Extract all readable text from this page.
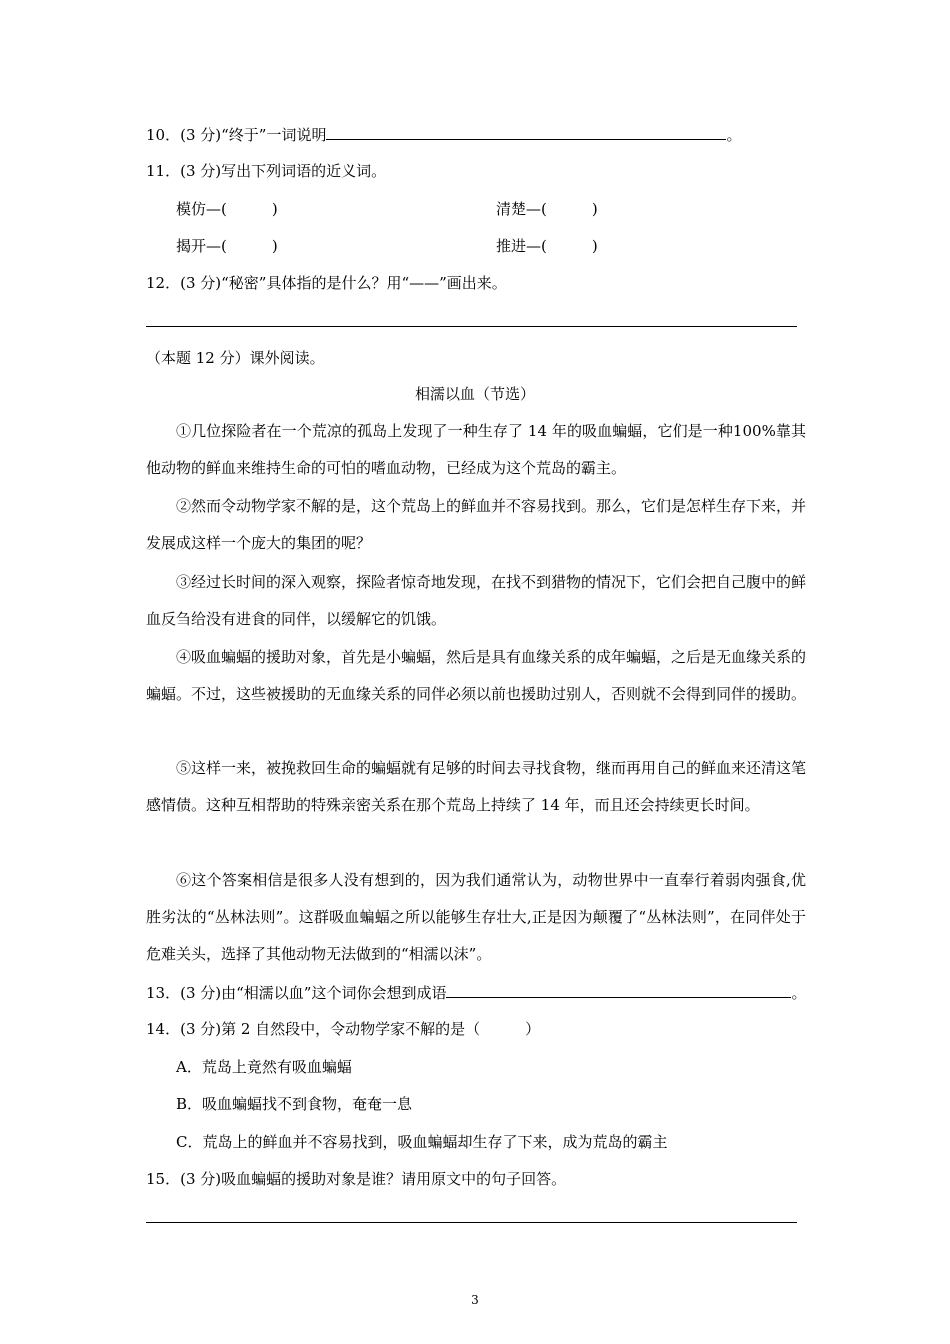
10．(3 分)“终于”一词说明	。
11．(3 分)写出下列词语的近义词。
模仿—(　　　)	清楚—(　　　)
揭开—(　　　)	推进—(　　　)
12．(3 分)“秘密”具体指的是什么？用“——”画出来。
（本题 12 分）课外阅读。
相濡以血（节选）
①几位探险者在一个荒凉的孤岛上发现了一种生存了 14 年的吸血蝙蝠，它们是一种100%靠其他动物的鲜血来维持生命的可怕的嗜血动物，已经成为这个荒岛的霸主。
②然而令动物学家不解的是，这个荒岛上的鲜血并不容易找到。那么，它们是怎样生存下来，并发展成这样一个庞大的集团的呢？
③经过长时间的深入观察，探险者惊奇地发现，在找不到猎物的情况下，它们会把自己腹中的鲜血反刍给没有进食的同伴，以缓解它的饥饿。
④吸血蝙蝠的援助对象，首先是小蝙蝠，然后是具有血缘关系的成年蝙蝠，之后是无血缘关系的蝙蝠。不过，这些被援助的无血缘关系的同伴必须以前也援助过别人，否则就不会得到同伴的援助。
⑤这样一来，被挽救回生命的蝙蝠就有足够的时间去寻找食物，继而再用自己的鲜血来还清这笔感情债。这种互相帮助的特殊亲密关系在那个荒岛上持续了 14 年，而且还会持续更长时间。
⑥这个答案相信是很多人没有想到的，因为我们通常认为，动物世界中一直奉行着弱肉强食,优胜劣汰的“丛林法则”。这群吸血蝙蝠之所以能够生存壮大,正是因为颠覆了“丛林法则”，在同伴处于危难关头，选择了其他动物无法做到的“相濡以沫”。
13．(3 分)由“相濡以血”这个词你会想到成语	。
14．(3 分)第 2 自然段中，令动物学家不解的是（　　　）
A．荒岛上竟然有吸血蝙蝠
B．吸血蝙蝠找不到食物，奄奄一息
C．荒岛上的鲜血并不容易找到，吸血蝙蝠却生存了下来，成为荒岛的霸主
15．(3 分)吸血蝙蝠的援助对象是谁？请用原文中的句子回答。
3
